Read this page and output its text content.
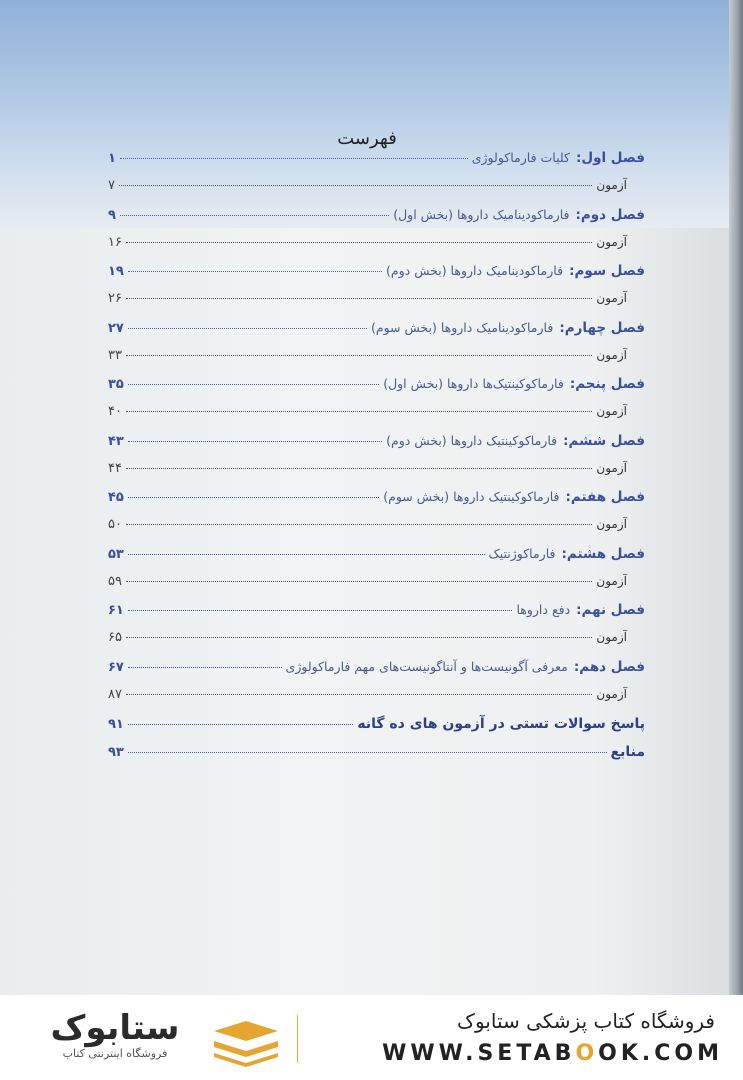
فهرست
فصل اول:
کلیات فارماکولوژی
۱
آزمون
۷
فصل دوم:
فارماکودینامیک داروها (بخش اول)
۹
آزمون
۱۶
فصل سوم:
فارماکودینامیک داروها (بخش دوم)
۱۹
آزمون
۲۶
فصل چهارم:
فارماکودینامیک داروها (بخش سوم)
۲۷
آزمون
۳۳
فصل پنجم:
فارماکوکینتیک‌ها داروها (بخش اول)
۳۵
آزمون
۴۰
فصل ششم:
فارماکوکینتیک داروها (بخش دوم)
۴۳
آزمون
۴۴
فصل هفتم:
فارماکوکینتیک داروها (بخش سوم)
۴۵
آزمون
۵۰
فصل هشتم:
فارماکوژنتیک
۵۳
آزمون
۵۹
فصل نهم:
دفع داروها
۶۱
آزمون
۶۵
فصل دهم:
معرفی آگونیست‌ها و آنتاگونیست‌های مهم فارماکولوژی
۶۷
آزمون
۸۷
پاسخ سوالات تستی در آزمون های ده گانه
۹۱
منابع
۹۳
ستابوک
فروشگاه اینترنتی کتاب
فروشگاه کتاب پزشکی ستابوک
WWW.SETABOOK.COM
